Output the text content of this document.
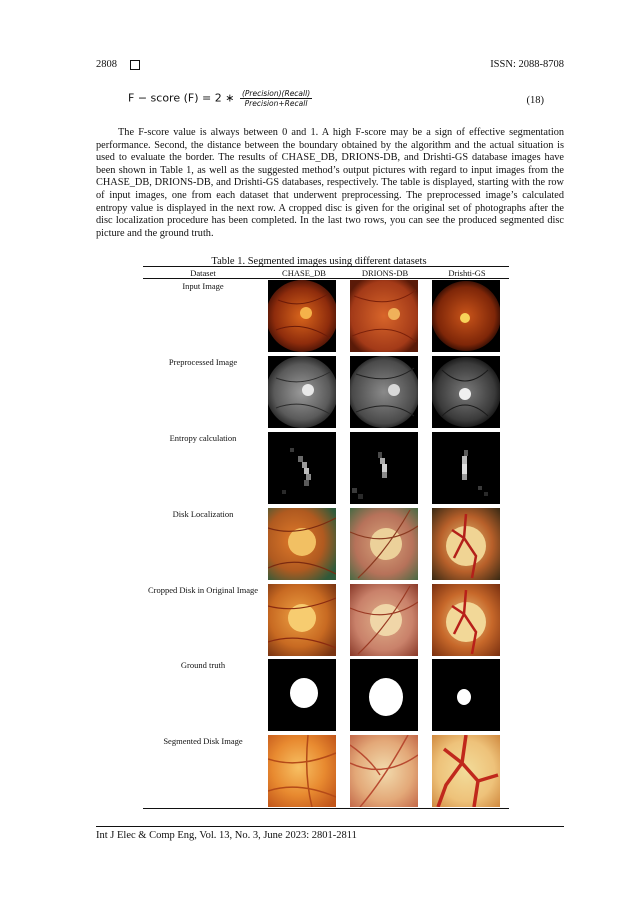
2808	ISSN: 2088-8708
F − score (F) = 2 ∗ $\frac{\text{(Precision)(Recall)}}{\text{Precision+Recall}}$	(18)

The F-score value is always between 0 and 1. A high F-score may be a sign of effective segmentation performance. Second, the distance between the boundary obtained by the algorithm and the actual situation is used to evaluate the border. The results of CHASE_DB, DRIONS-DB, and Drishti-GS database images have been shown in Table 1, as well as the suggested method’s output pictures with regard to input images from the CHASE_DB, DRIONS-DB, and Drishti-GS databases, respectively. The table is displayed, starting with the row of input images, one from each dataset that underwent preprocessing. The preprocessed image’s calculated entropy value is displayed in the next row. A cropped disc is given for the original set of photographs after the disc localization procedure has been completed. In the last two rows, you can see the produced segmented disc picture and the ground truth.

Table 1. Segmented images using different datasets
Dataset	CHASE_DB	DRIONS-DB	Drishti-GS
Input Image
Preprocessed Image
Entropy calculation
Disk Localization
Cropped Disk in Original Image
Ground truth
Segmented Disk Image
Int J Elec & Comp Eng, Vol. 13, No. 3, June 2023: 2801-2811
